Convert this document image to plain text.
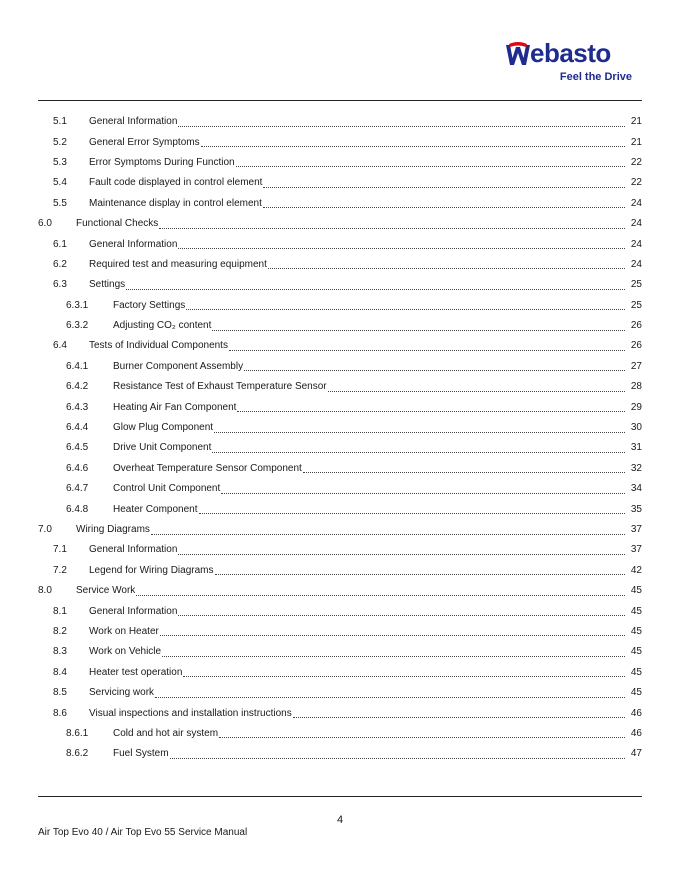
ebasto
Feel the Drive
5.1	General Information	21
5.2	General Error Symptoms	21
5.3	Error Symptoms During Function	22
5.4	Fault code displayed in control element	22
5.5	Maintenance display in control element	24
6.0	Functional Checks	24
6.1	General Information	24
6.2	Required test and measuring equipment	24
6.3	Settings	25
6.3.1	Factory Settings	25
6.3.2	Adjusting CO₂ content	26
6.4	Tests of Individual Components	26
6.4.1	Burner Component Assembly	27
6.4.2	Resistance Test of Exhaust Temperature Sensor	28
6.4.3	Heating Air Fan Component	29
6.4.4	Glow Plug Component	30
6.4.5	Drive Unit Component	31
6.4.6	Overheat Temperature Sensor Component	32
6.4.7	Control Unit Component	34
6.4.8	Heater Component	35
7.0	Wiring Diagrams	37
7.1	General Information	37
7.2	Legend for Wiring Diagrams	42
8.0	Service Work	45
8.1	General Information	45
8.2	Work on Heater	45
8.3	Work on Vehicle	45
8.4	Heater test operation	45
8.5	Servicing work	45
8.6	Visual inspections and installation instructions	46
8.6.1	Cold and hot air system	46
8.6.2	Fuel System	47
4
Air Top Evo 40 / Air Top Evo 55 Service Manual
